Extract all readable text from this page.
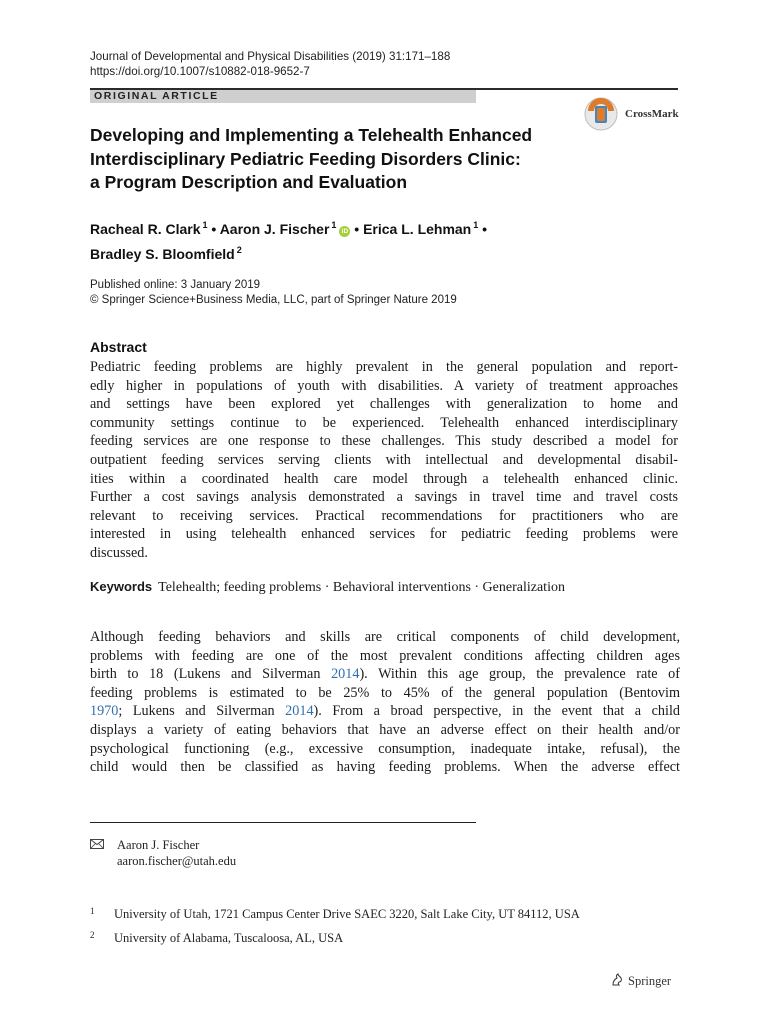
Journal of Developmental and Physical Disabilities (2019) 31:171–188
https://doi.org/10.1007/s10882-018-9652-7
ORIGINAL ARTICLE
CrossMark
Developing and Implementing a Telehealth Enhanced
Interdisciplinary Pediatric Feeding Disorders Clinic:
a Program Description and Evaluation
Racheal R. Clark $^1$ • Aaron J. Fischer $^1$iD • Erica L. Lehman $^1$ •
Bradley S. Bloomfield $^2$
Published online: 3 January 2019
© Springer Science+Business Media, LLC, part of Springer Nature 2019
Abstract
Pediatric feeding problems are highly prevalent in the general population and report-
edly higher in populations of youth with disabilities. A variety of treatment approaches
and settings have been explored yet challenges with generalization to home and
community settings continue to be experienced. Telehealth enhanced interdisciplinary
feeding services are one response to these challenges. This study described a model for
outpatient feeding services serving clients with intellectual and developmental disabil-
ities within a coordinated health care model through a telehealth enhanced clinic.
Further a cost savings analysis demonstrated a savings in travel time and travel costs
relevant to receiving services. Practical recommendations for practitioners who are
interested in using telehealth enhanced services for pediatric feeding problems were
discussed.
Keywords Telehealth; feeding problems · Behavioral interventions · Generalization
Although feeding behaviors and skills are critical components of child development,
problems with feeding are one of the most prevalent conditions affecting children ages
birth to 18 (Lukens and Silverman 2014). Within this age group, the prevalence rate of
feeding problems is estimated to be 25% to 45% of the general population (Bentovim
1970; Lukens and Silverman 2014). From a broad perspective, in the event that a child
displays a variety of eating behaviors that have an adverse effect on their health and/or
psychological functioning (e.g., excessive consumption, inadequate intake, refusal), the
child would then be classified as having feeding problems. When the adverse effect
Aaron J. Fischer
aaron.fischer@utah.edu
1 University of Utah, 1721 Campus Center Drive SAEC 3220, Salt Lake City, UT 84112, USA
2 University of Alabama, Tuscaloosa, AL, USA
Springer
